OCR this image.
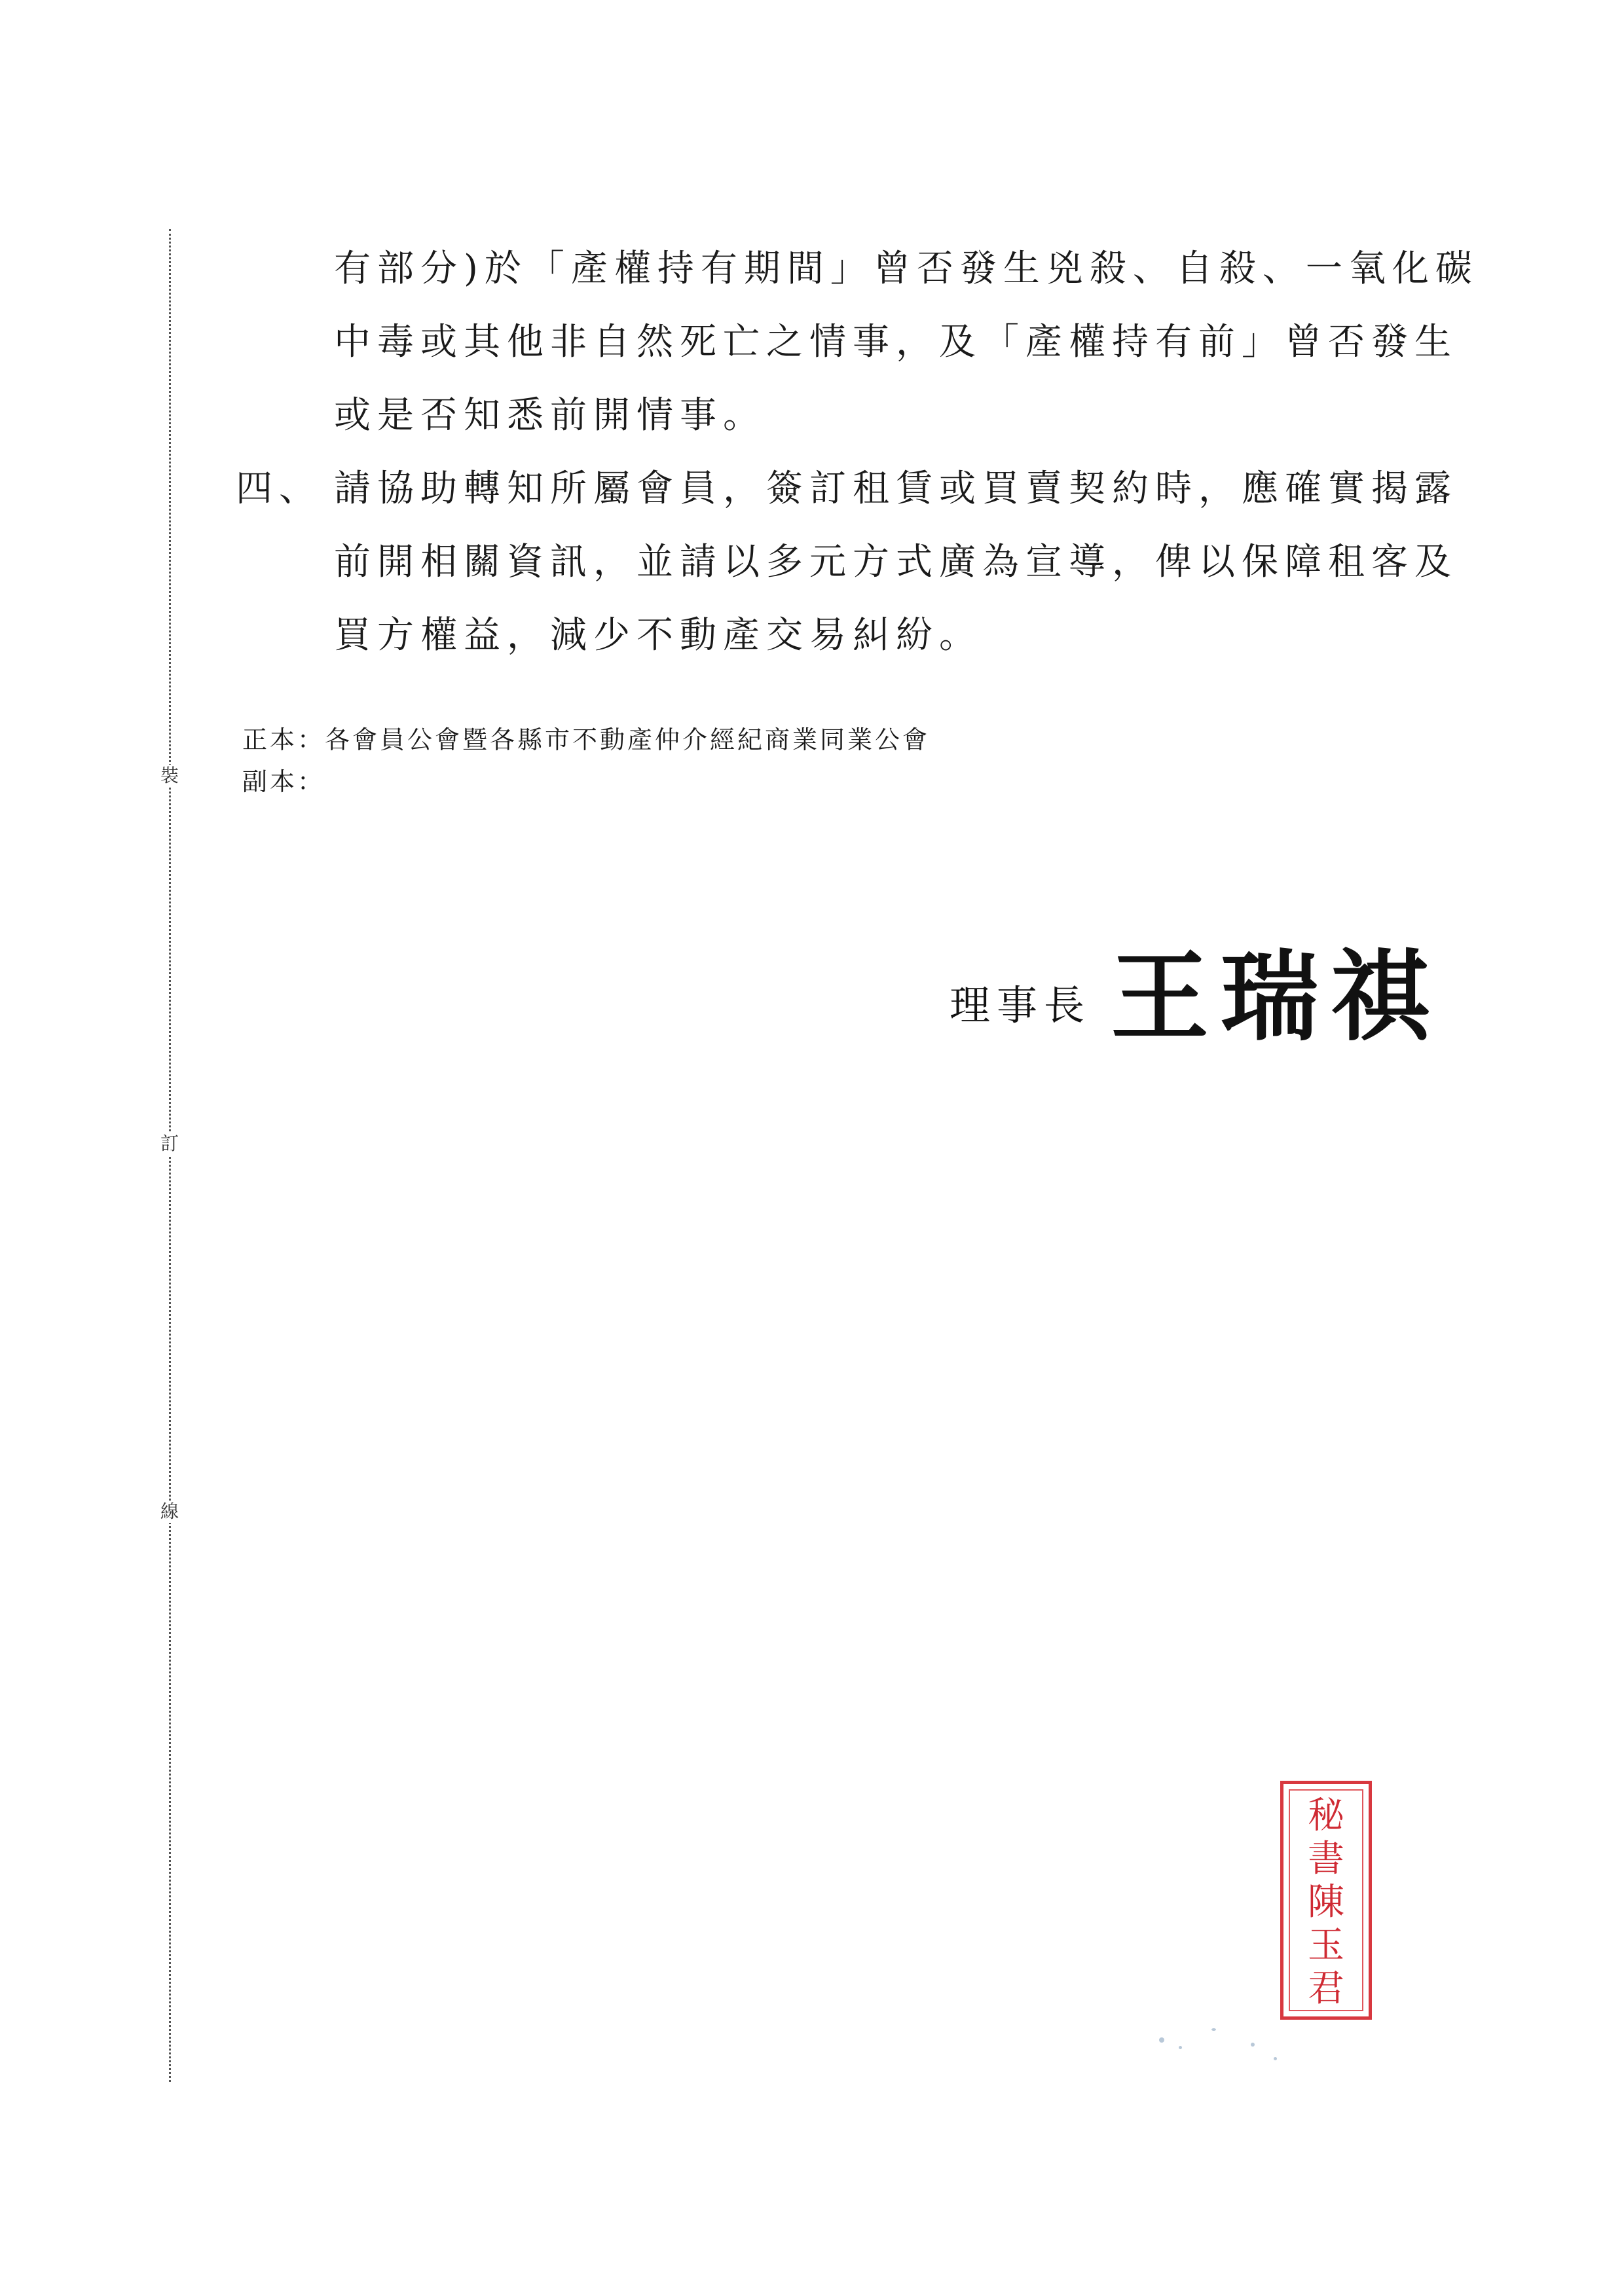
裝
訂
線
有部分)於「產權持有期間」曾否發生兇殺、自殺、一氧化碳
中毒或其他非自然死亡之情事，及「產權持有前」曾否發生
或是否知悉前開情事。
四、 請協助轉知所屬會員，簽訂租賃或買賣契約時，應確實揭露
前開相關資訊，並請以多元方式廣為宣導，俾以保障租客及
買方權益，減少不動產交易糾紛。
正本： 各會員公會暨各縣市不動產仲介經紀商業同業公會
副本：
理事長 王瑞祺
秘
書
陳
玉
君
